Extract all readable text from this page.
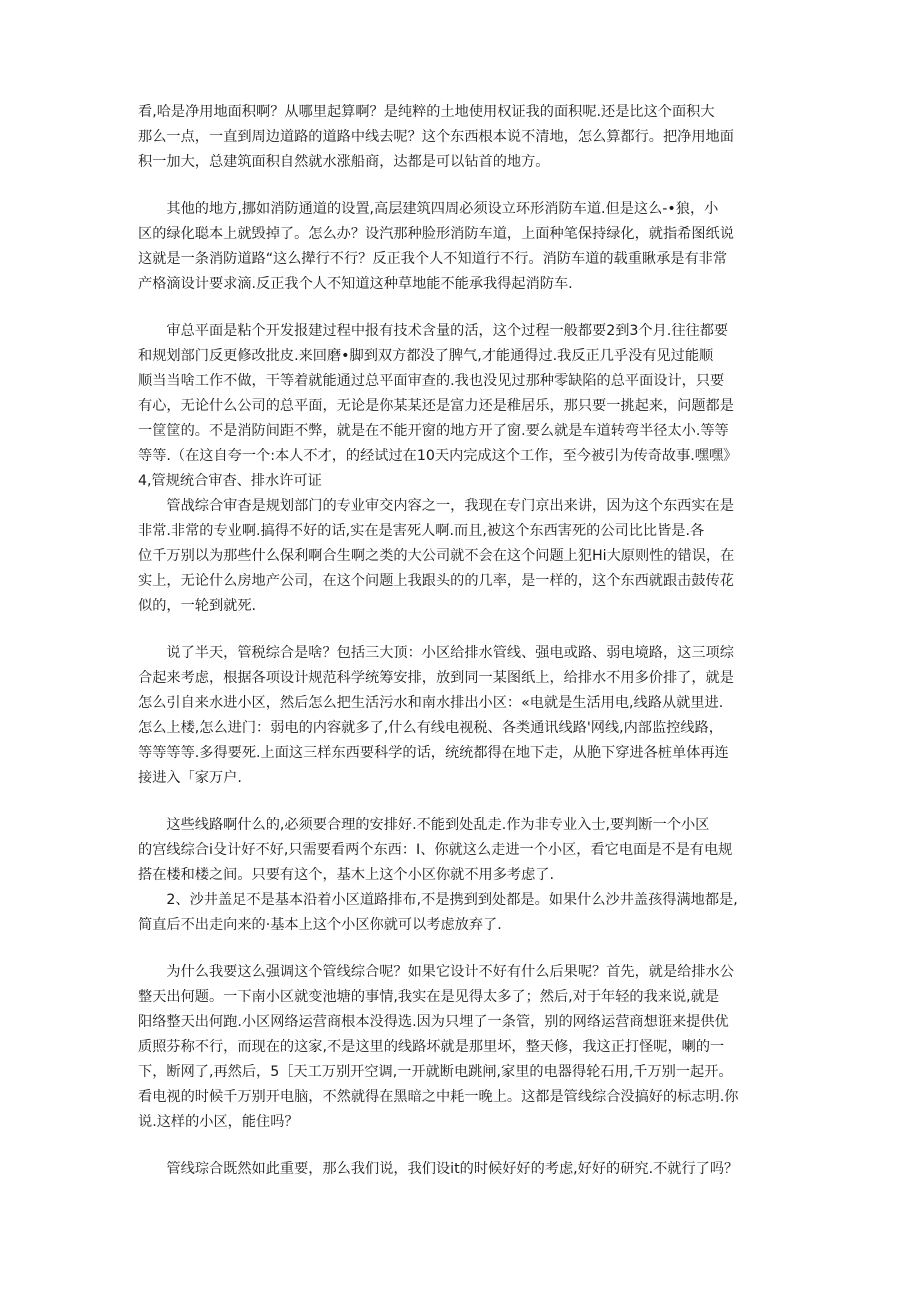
看,哈是净用地面积啊？从哪里起算啊？是纯粹的土地使用权证我的面积呢.还是比这个面积大
那么一点，一直到周边道路的道路中线去呢？这个东西根本说不清地，怎么算都行。把净用地面
积一加大，总建筑面积自然就水涨船商，达都是可以钻首的地方。

　　其他的地方,挪如消防通道的设置,高层建筑四周必须设立环形消防车道.但是这么-•狼，小
区的绿化聪本上就毁掉了。怎么办？设汽那种脸形消防车道，上面种笔保持绿化，就指希图纸说
这就是一条消防道路“这么撵行不行？反正我个人不知道行不行。消防车道的载重瞅承是有非常
产格滴设计要求滴.反正我个人不知道这种草地能不能承我得起消防车.

　　审总平面是粘个开发报建过程中报有技术含量的活，这个过程一般都要2到3个月.往往都要
和规划部门反更修改批皮.来回磨•脚到双方都没了脾气,才能通得过.我反正几乎没有见过能顺
顺当当啥工作不做，干等着就能通过总平面审查的.我也没见过那种零缺陷的总平面设计，只要
有心，无论什么公司的总平面，无论是你某某还是富力还是稚居乐，那只要一挑起来，问题都是
一筐筐的。不是消防间距不弊，就是在不能开窗的地方开了窗.要么就是车道转弯半径太小.等等
等等.（在这自夸一个:本人不才，的经试过在10天内完成这个工作，至今被引为传奇故事.嘿嘿》
4,管规统合审杳、排水许可证

　　管战综合审杳是规划部门的专业审交内容之一，我现在专门京出来讲，因为这个东西实在是
非常.非常的专业啊.搞得不好的话,实在是害死人啊.而且,被这个东西害死的公司比比皆是.各
位千万别以为那些什么保利啊合生啊之类的大公司就不会在这个问题上犯Hi大原则性的错误，在
实上，无论什么房地产公司，在这个问题上我跟头的的几率，是一样的，这个东西就跟击鼓传花
似的，一轮到就死.

　　说了半天，管税综合是啥？包括三大顶：小区给排水管线、强电或路、弱电境路，这三项综
合起来考虑，根据各项设计规范科学统筹安排，放到同一某图纸上，给排水不用多价排了，就是
怎么引自来水进小区，然后怎么把生活污水和南水排出小区：«电就是生活用电,线路从就里进.
怎么上楼,怎么进门：弱电的内容就多了,什么有线电视税、各类通讯线路'网线,内部监控线路，
等等等等.多得要死.上面这三样东西要科学的话，统统都得在地下走，从脃下穿进各桩单体再连
接进入「家万户.

　　这些线路啊什么的,必须要合理的安排好.不能到处乱走.作为非专业入士,要判断一个小区
的宫线综合i殳计好不好,只需要看两个东西：I、你就这么走进一个小区，看它电面是不是有电规
搭在楼和楼之间。只要有这个，基木上这个小区你就不用多考虑了.

　　2、沙井盖足不是基本沿着小区道路排布,不是携到到处都是。如果什么沙井盖孩得满地都是,
简直后不出走向来的·基本上这个小区你就可以考虑放弃了.

　　为什么我要这么强调这个管线综合呢？如果它设计不好有什么后果呢？首先，就是给排水公
整天出何题。一下南小区就变池塘的事情,我实在是见得太多了；然后,对于年轻的我来说,就是
阳络整天出何跑.小区网络运营商根本没得选.因为只埋了一条管，别的网络运营商想诳来提供优
质照芬称不行，而现在的这家,不是这里的线路坏就是那里坏，整天修，我这正打怪呢，喇的一
下，断网了,再然后，5［天工万别开空调,一开就断电跳闸,家里的电器得轮石用,千万别一起开。
看电视的时候千万别开电脑，不然就得在黑暗之中耗一晚上。这都是管线综合没搞好的标志明.你
说.这样的小区，能住吗？

　　管线琮合既然如此重要，那么我们说，我们设it的时候好好的考虑,好好的研究.不就行了吗？
